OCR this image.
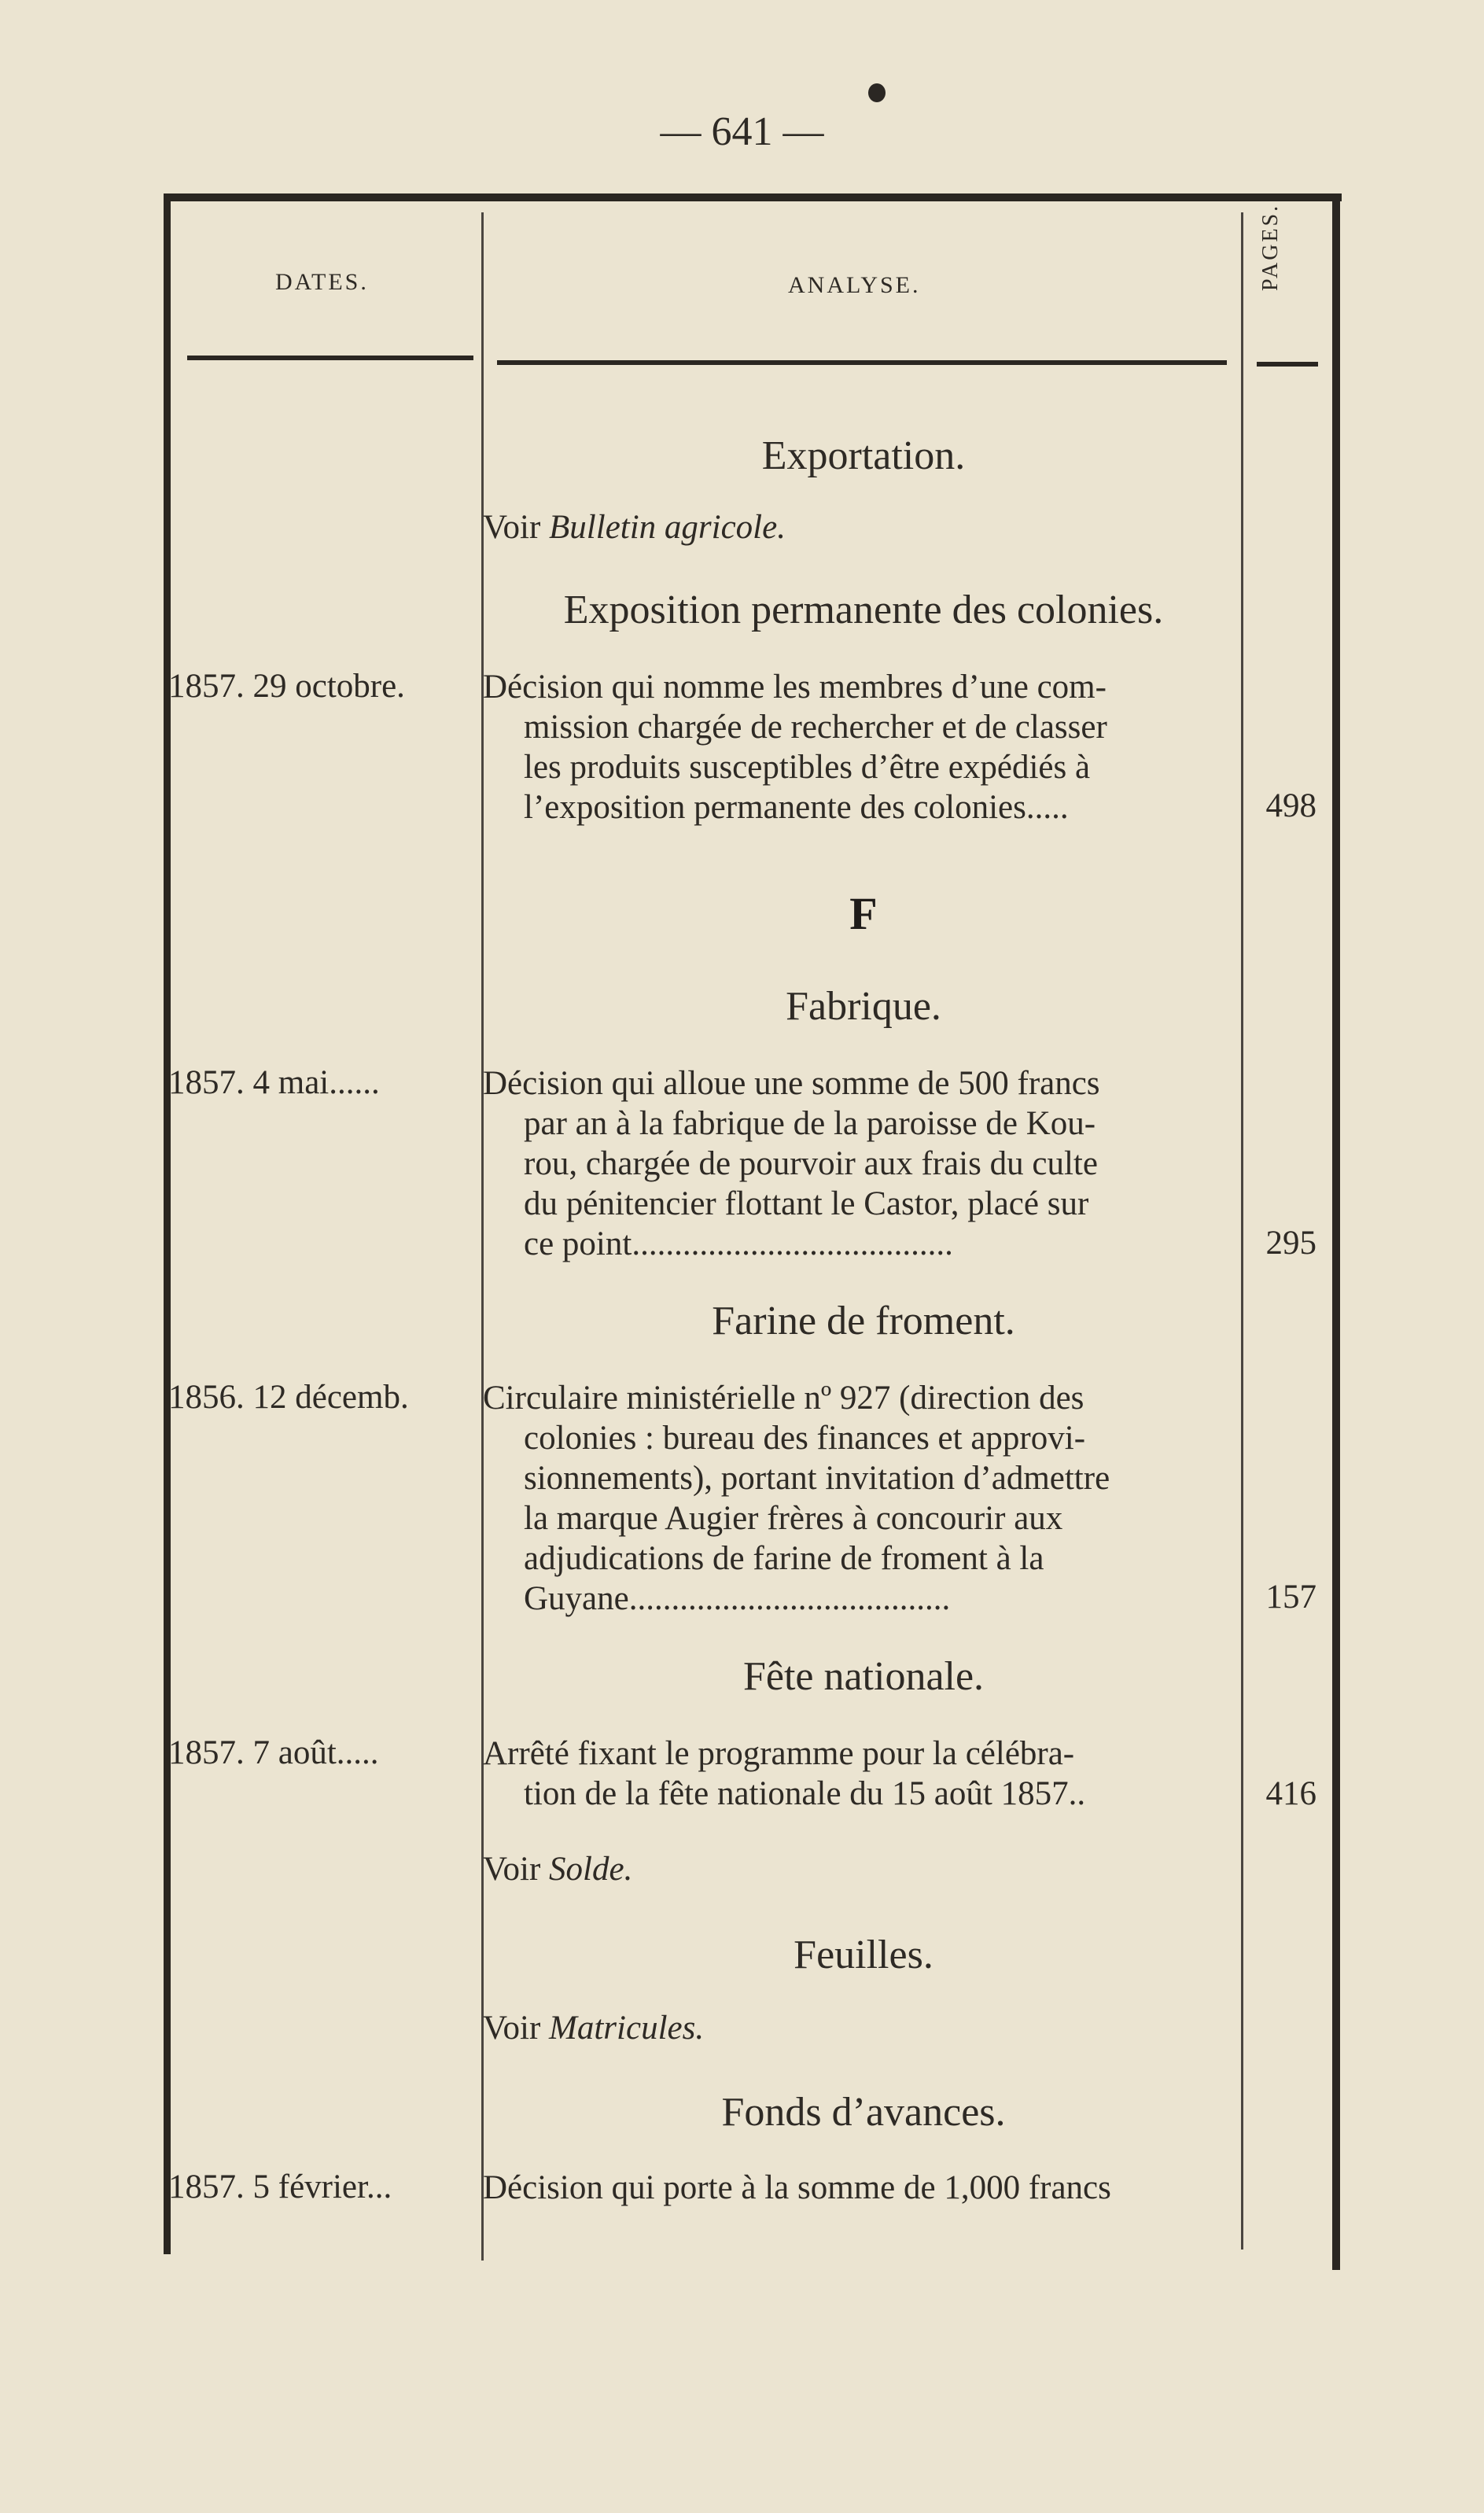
— 641 —
DATES.	ANALYSE.	PAGES.
Exportation.
Voir Bulletin agricole.
Exposition permanente des colonies.
1857. 29 octobre.	Décision qui nomme les membres d’une com-
mission chargée de rechercher et de classer
les produits susceptibles d’être expédiés à
l’exposition permanente des colonies.....	498
F
Fabrique.
1857. 4 mai......	Décision qui alloue une somme de 500 francs
par an à la fabrique de la paroisse de Kou-
rou, chargée de pourvoir aux frais du culte
du pénitencier flottant le Castor, placé sur
ce point......................................	295
Farine de froment.
1856. 12 décemb.	Circulaire ministérielle nº 927 (direction des
colonies : bureau des finances et approvi-
sionnements), portant invitation d’admettre
la marque Augier frères à concourir aux
adjudications de farine de froment à la
Guyane......................................	157
Fête nationale.
1857. 7 août.....	Arrêté fixant le programme pour la célébra-
tion de la fête nationale du 15 août 1857..	416
Voir Solde.
Feuilles.
Voir Matricules.
Fonds d’avances.
1857. 5 février...	Décision qui porte à la somme de 1,000 francs
